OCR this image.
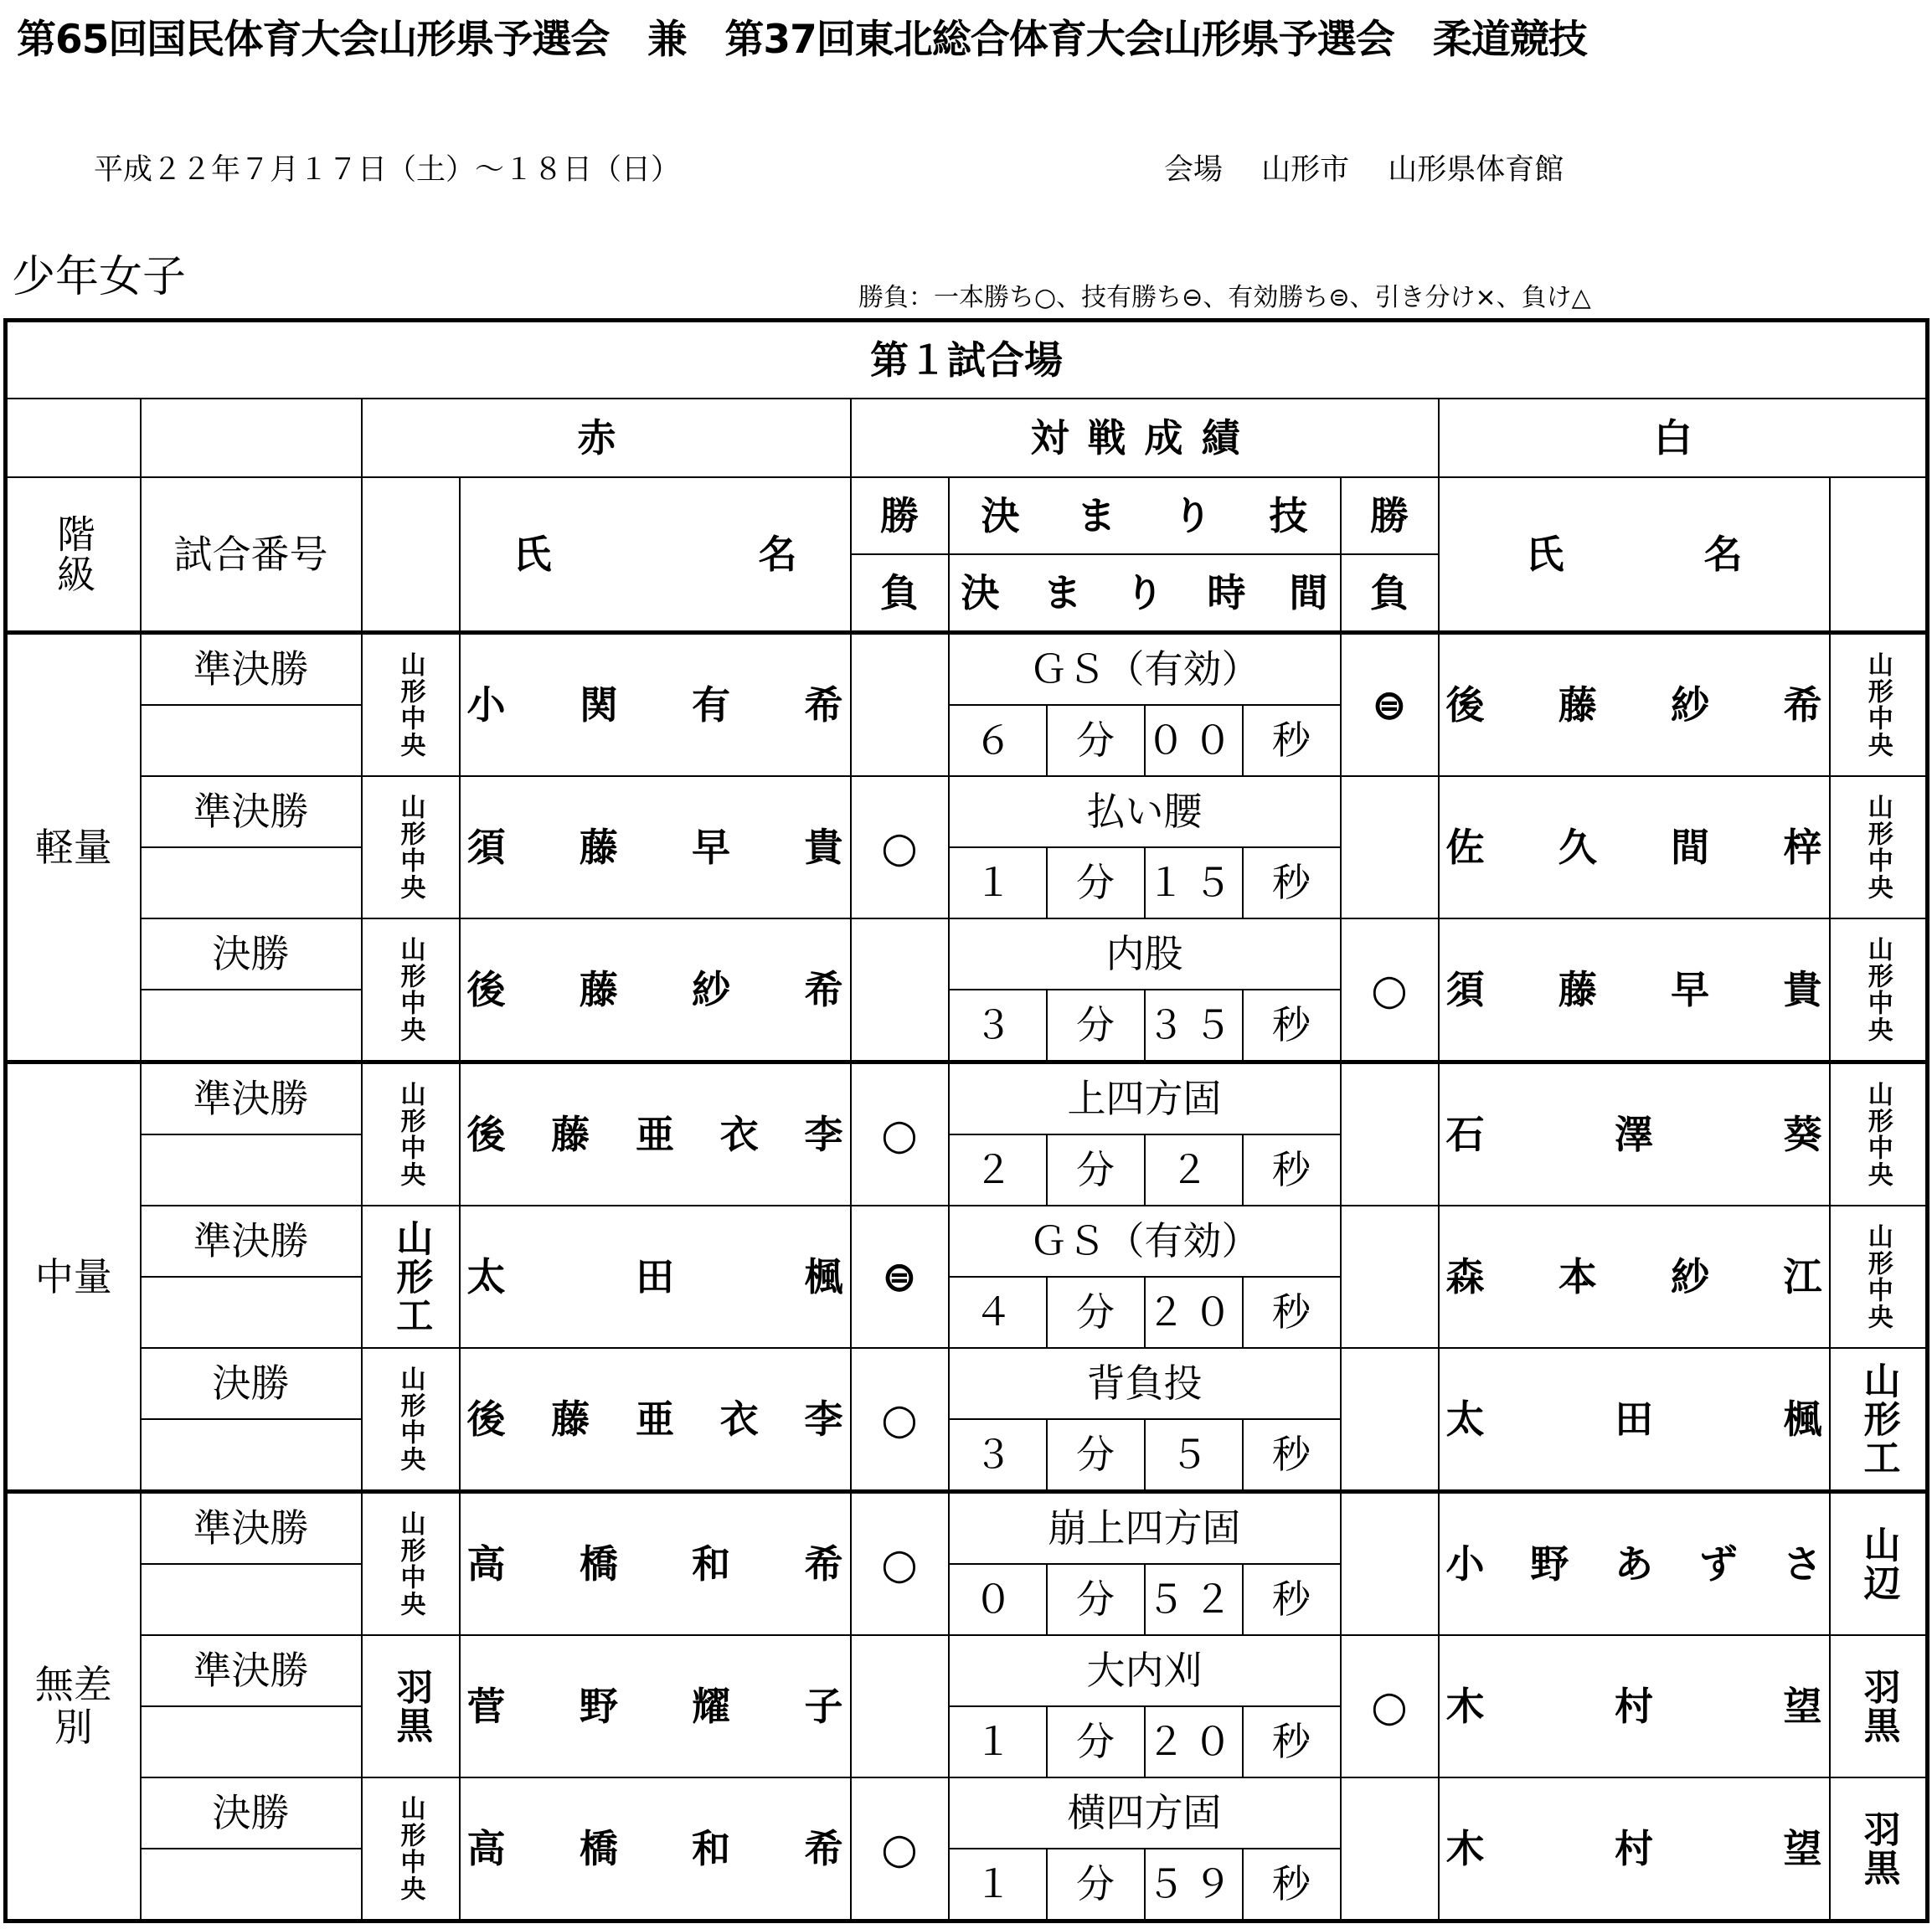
第65回国民体育大会山形県予選会　兼　第37回東北総合体育大会山形県予選会　柔道競技
平成２２年７月１７日（土）～１８日（日）	会場　 山形市　 山形県体育館
少年女子	勝負：一本勝ち○、技有勝ち⊖、有効勝ち⊜、引き分け×、負け△
第１試合場											
		赤		対戦成績						白	

階級	試合番号		氏 名	勝	決 ま り 技				勝	氏 名	

				負	決 ま り 時 間				負		

軽量	準決勝	山形中央	小 関 有 希		ＧＳ（有効）				⊜	後 藤 紗 希	山形中央

					６	分	００	秒			
	準決勝	山形中央	須 藤 早 貴	○	払い腰					佐 久 間 梓	山形中央

					１	分	１５	秒			
	決勝	山形中央	後 藤 紗 希		内股				○	須 藤 早 貴	山形中央

					３	分	３５	秒			

中量	準決勝	山形中央	後 藤 亜 衣 李	○	上四方固					石 澤 葵	山形中央

					２	分	２	秒			
	準決勝	山形工	太 田 楓	⊜	ＧＳ（有効）					森 本 紗 江	山形中央

					４	分	２０	秒			
	決勝	山形中央	後 藤 亜 衣 李	○	背負投					太 田 楓	山形工

					３	分	５	秒			

無差別	準決勝	山形中央	高 橋 和 希	○	崩上四方固					小 野 あ ず さ	山辺

					０	分	５２	秒			
	準決勝	羽黒	菅 野 耀 子		大内刈				○	木 村 望	羽黒

					１	分	２０	秒			
	決勝	山形中央	高 橋 和 希	○	横四方固					木 村 望	羽黒

					１	分	５９	秒			
